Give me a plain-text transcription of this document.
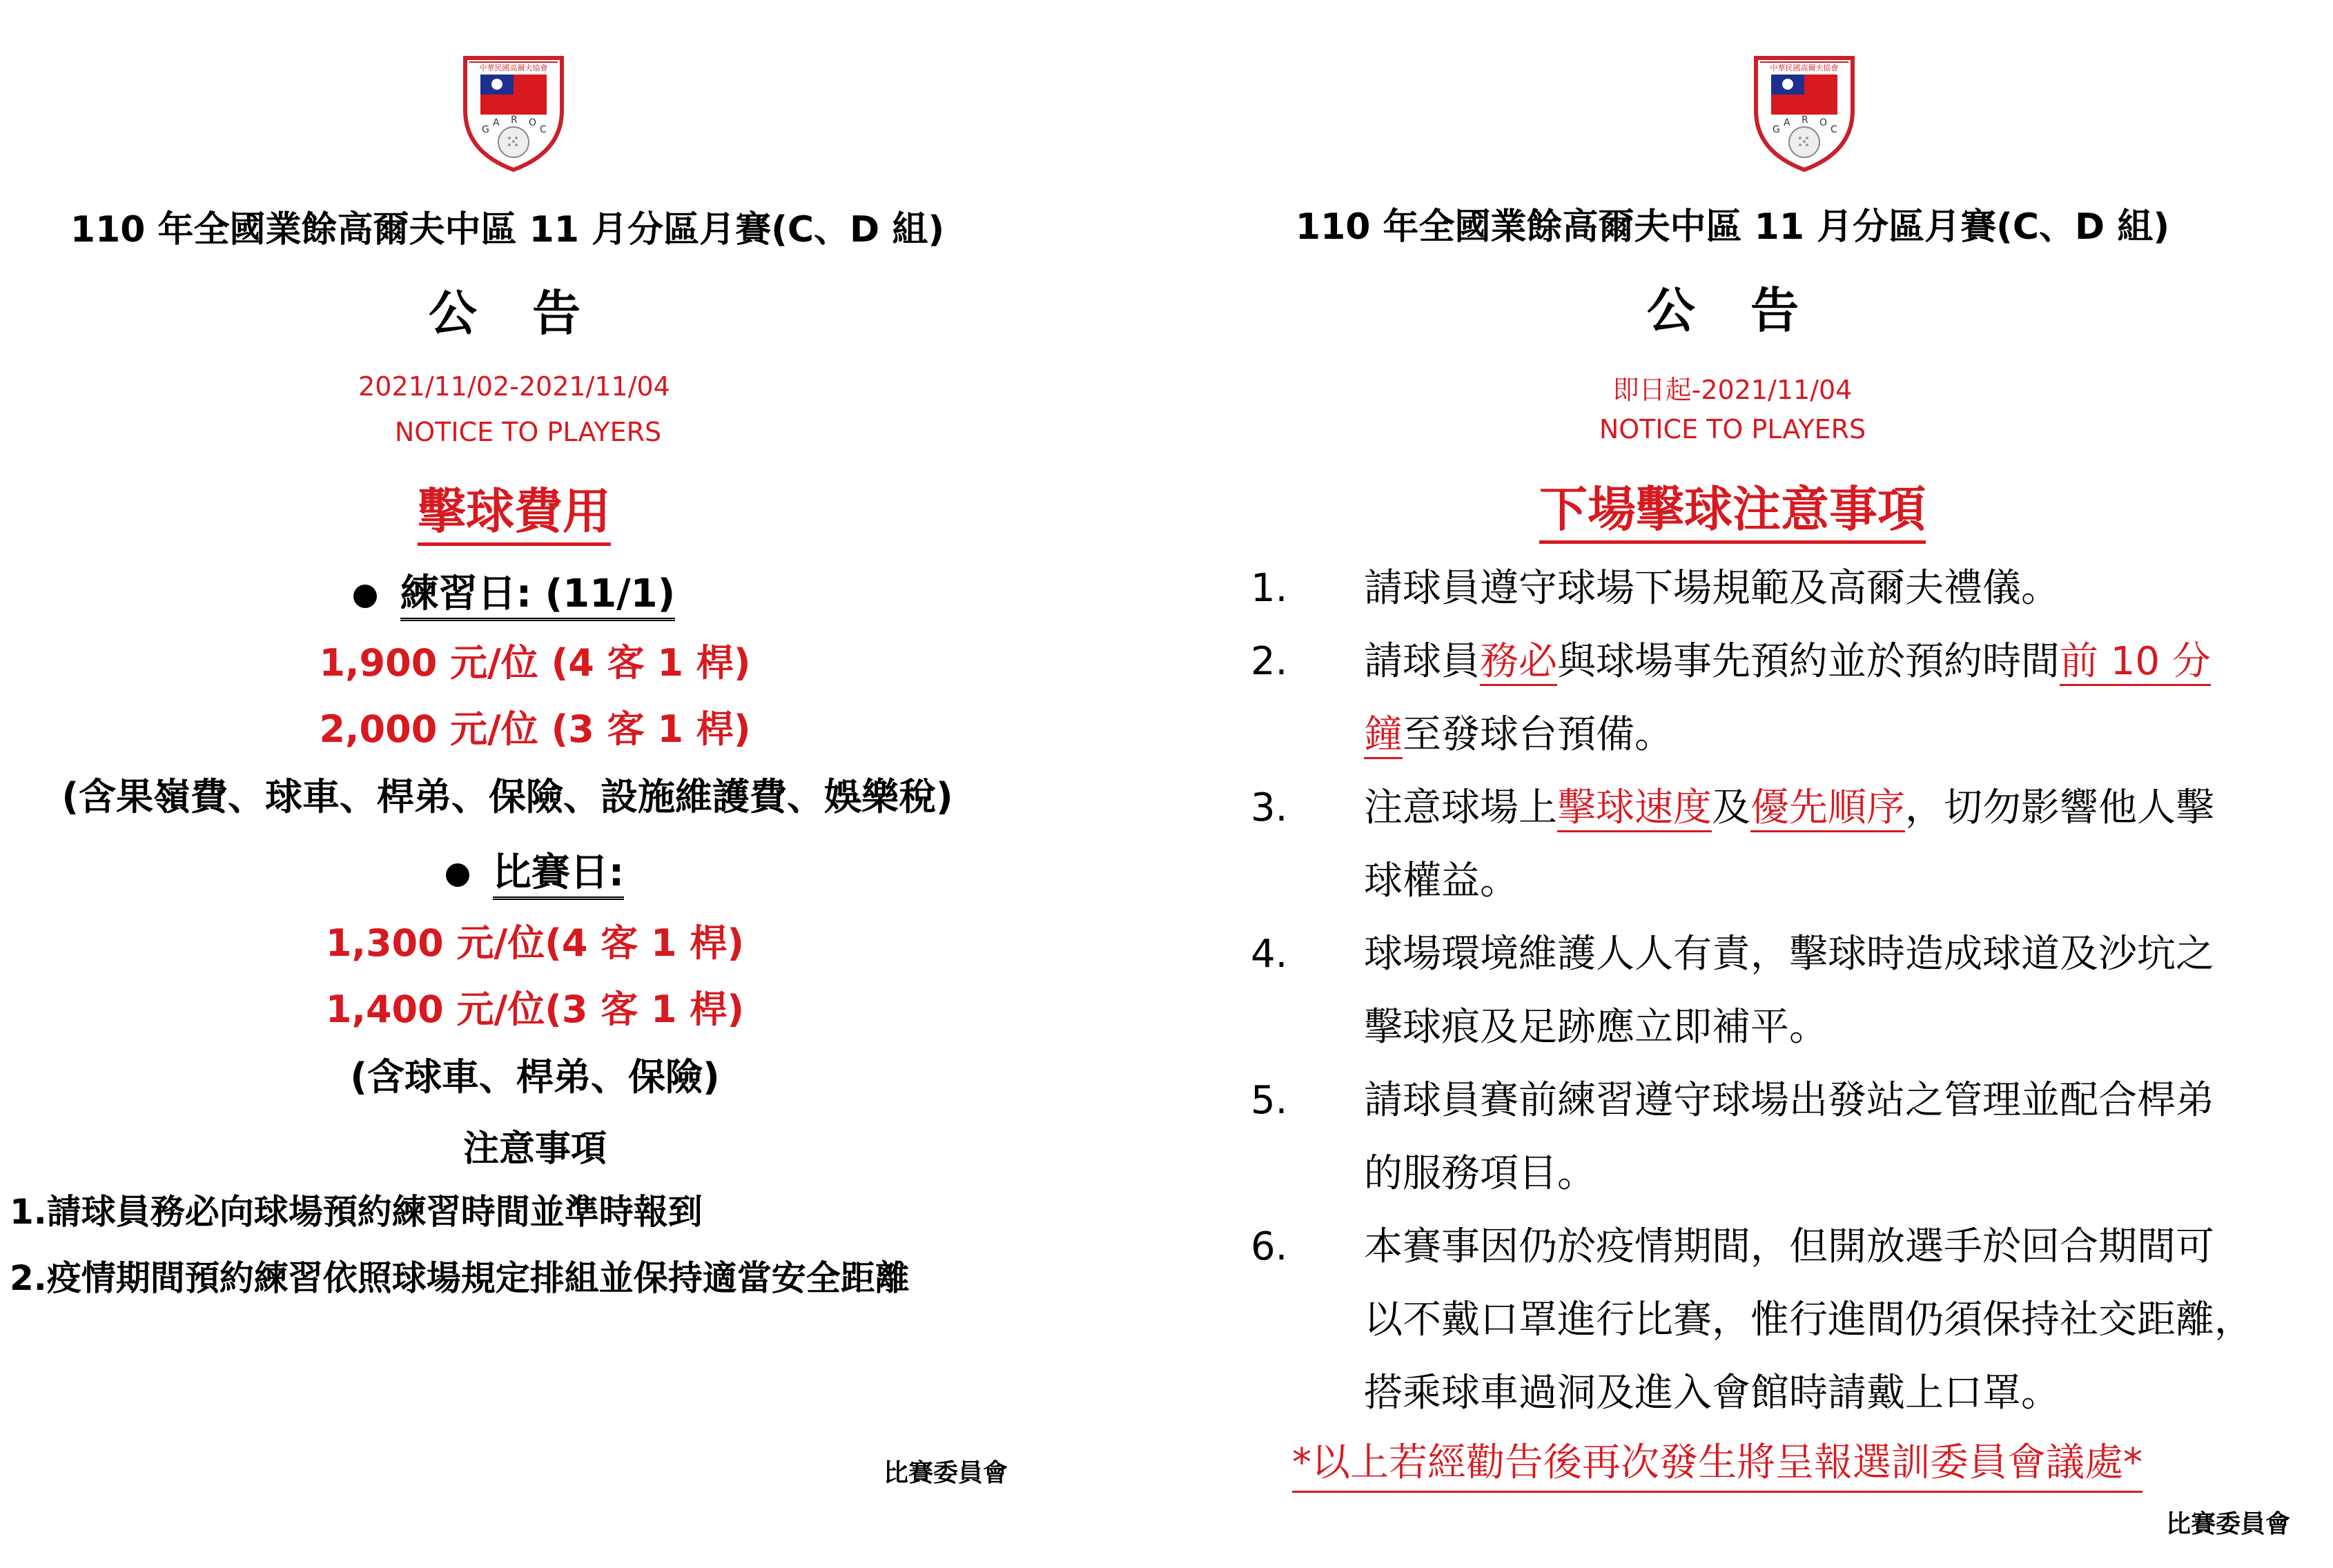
中華民國高爾夫協會
G
A R O
C
110 年全國業餘高爾夫中區 11 月分區月賽(C、D 組)
公 告
2021/11/02-2021/11/04
NOTICE TO PLAYERS
擊球費用
練習日: (11/1)
1,900 元/位 (4 客 1 桿)
2,000 元/位 (3 客 1 桿)
(含果嶺費、球車、桿弟、保險、設施維護費、娛樂稅)
比賽日:
1,300 元/位(4 客 1 桿)
1,400 元/位(3 客 1 桿)
(含球車、桿弟、保險)
注意事項
1.請球員務必向球場預約練習時間並準時報到
2.疫情期間預約練習依照球場規定排組並保持適當安全距離
比賽委員會
中華民國高爾夫協會
G
A R O
C
110 年全國業餘高爾夫中區 11 月分區月賽(C、D 組)
公 告
即日起-2021/11/04
NOTICE TO PLAYERS
下場擊球注意事項
1. 請球員遵守球場下場規範及高爾夫禮儀。
2. 請球員務必與球場事先預約並於預約時間前 10 分
鐘至發球台預備。
3. 注意球場上擊球速度及優先順序，切勿影響他人擊
球權益。
4. 球場環境維護人人有責，擊球時造成球道及沙坑之
擊球痕及足跡應立即補平。
5. 請球員賽前練習遵守球場出發站之管理並配合桿弟
的服務項目。
6. 本賽事因仍於疫情期間，但開放選手於回合期間可
以不戴口罩進行比賽，惟行進間仍須保持社交距離，
搭乘球車過洞及進入會館時請戴上口罩。
*以上若經勸告後再次發生將呈報選訓委員會議處*
比賽委員會
